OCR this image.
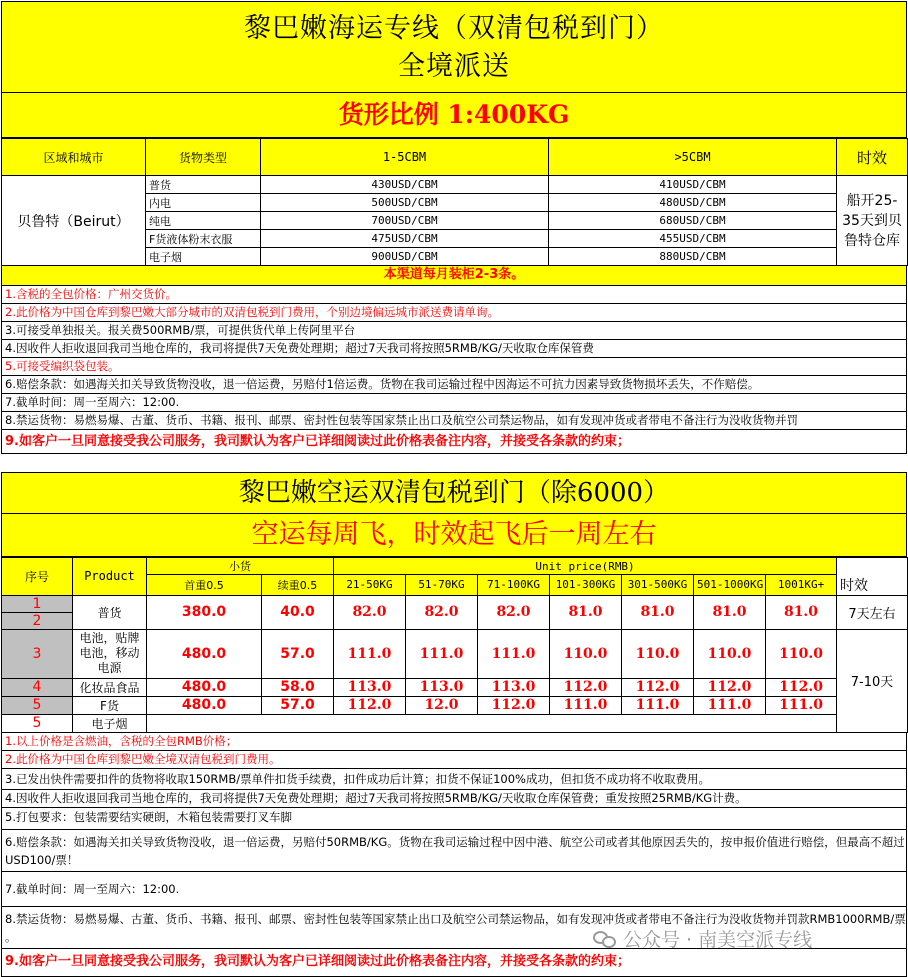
黎巴嫩海运专线（双清包税到门）
全境派送
货形比例 1:400KG
区域和城市	货物类型	1-5CBM	>5CBM	时效
贝鲁特（Beirut）	普货	430USD/CBM	410USD/CBM	船开25-35天到贝鲁特仓库
	内电	500USD/CBM	480USD/CBM	
	纯电	700USD/CBM	680USD/CBM	
	F货液体粉末衣服	475USD/CBM	455USD/CBM	
	电子烟	900USD/CBM	880USD/CBM	
本渠道每月装柜2-3条。
1.含税的全包价格：广州交货价。
2.此价格为中国仓库到黎巴嫩大部分城市的双清包税到门费用，个别边境偏远城市派送费请单询。
3.可接受单独报关。报关费500RMB/票，可提供货代单上传阿里平台
4.因收件人拒收退回我司当地仓库的，我司将提供7天免费处理期；超过7天我司将按照5RMB/KG/天收取仓库保管费
5.可接受编织袋包装。
6.赔偿条款：如遇海关扣关导致货物没收，退一倍运费，另赔付1倍运费。货物在我司运输过程中因海运不可抗力因素导致货物损坏丢失，不作赔偿。
7.截单时间：周一至周六：12:00.
8.禁运货物：易燃易爆、古董、货币、书籍、报刊、邮票、密封性包装等国家禁止出口及航空公司禁运物品，如有发现冲货或者带电不备注行为没收货物并罚
9.如客户一旦同意接受我公司服务，我司默认为客户已详细阅读过此价格表备注内容，并接受各条款的约束；
黎巴嫩空运双清包税到门（除6000）
空运每周飞，时效起飞后一周左右
序号	Product	小货		Unit price(RMB)							
		首重0.5	续重0.5	21-50KG	51-70KG	71-100KG	101-300KG	301-500KG	501-1000KG	1001KG+	时效
1	普货	380.0	40.0	82.0	82.0	82.0	81.0	81.0	81.0	81.0	7天左右
2											
3	电池，贴牌电池，移动电源	480.0	57.0	111.0	111.0	111.0	110.0	110.0	110.0	110.0	7-10天
4	化妆品食品	480.0	58.0	113.0	113.0	113.0	112.0	112.0	112.0	112.0	
5	F货	480.0	57.0	112.0	12.0	112.0	111.0	111.0	111.0	111.0	
5	电子烟										
1.以上价格是含燃油，含税的全包RMB价格；
2.此价格为中国仓库到黎巴嫩全境双清包税到门费用。
3.已发出快件需要扣件的货物将收取150RMB/票单件扣货手续费，扣件成功后计算；扣货不保证100%成功，但扣货不成功将不收取费用。
4.因收件人拒收退回我司当地仓库的，我司将提供7天免费处理期；超过7天我司将按照5RMB/KG/天收取仓库保管费；重发按照25RMB/KG计费。
5.打包要求：包装需要结实硬朗，木箱包装需要打叉车脚
6.赔偿条款：如遇海关扣关导致货物没收，退一倍运费，另赔付50RMB/KG。货物在我司运输过程中因中港、航空公司或者其他原因丢失的，按申报价值进行赔偿，但最高不超过USD100/票！
7.截单时间：周一至周六：12:00.
8.禁运货物：易燃易爆、古董、货币、书籍、报刊、邮票、密封性包装等国家禁止出口及航空公司禁运物品，如有发现冲货或者带电不备注行为没收货物并罚款RMB1000RMB/票 。
9.如客户一旦同意接受我公司服务，我司默认为客户已详细阅读过此价格表备注内容，并接受各条款的约束；
公众号 · 南美空派专线
